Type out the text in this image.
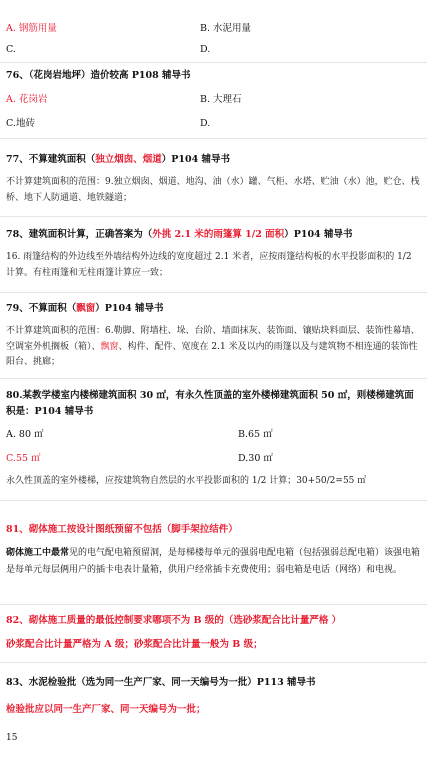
A. 钢筋用量	B. 水泥用量
C.	D.
76、（花岗岩地坪）造价较高 P108 辅导书
A. 花岗岩	B. 大理石
C.地砖	D.
77、不算建筑面积（独立烟囱、烟道）P104 辅导书
不计算建筑面积的范围：9.独立烟囱、烟道、地沟、油（水）罐、气柜、水塔、贮油（水）池，贮仓、栈桥、地下人防通道、地铁隧道；
78、建筑面积计算，正确答案为（外挑 2.1 米的雨篷算 1/2 面积）P104 辅导书
16. 雨篷结构的外边线至外墙结构外边线的宽度超过 2.1 米者，应按雨篷结构板的水平投影面积的 1/2 计算。有柱雨篷和无柱雨篷计算应一致；
79、不算面积（飘窗）P104 辅导书
不计算建筑面积的范围：6.勒脚、附墙柱、垛、台阶、墙面抹灰、装饰面、镶贴块料面层、装饰性幕墙、空调室外机搁板（箱）、飘窗、构件、配件、宽度在 2.1 米及以内的雨篷以及与建筑物不相连通的装饰性阳台、挑廊；
80.某教学楼室内楼梯建筑面积 30 ㎡，有永久性顶盖的室外楼梯建筑面积 50 ㎡，则楼梯建筑面积是：P104 辅导书
A. 80 ㎡	B.65 ㎡
C.55 ㎡	D.30 ㎡
永久性顶盖的室外楼梯，应按建筑物自然层的水平投影面积的 1/2 计算；30+50/2=55 ㎡
81、砌体施工按设计图纸预留不包括（脚手架拉结件）
砌体施工中最常见的电气配电箱预留洞，是每梯楼每单元的强弱电配电箱（包括强弱总配电箱）该强电箱是每单元每层俩用户的插卡电表计量箱，供用户经常插卡充费使用；弱电箱是电话（网络）和电视。
82、砌体施工质量的最低控制要求哪项不为 B 级的（选砂浆配合比计量严格 ）
砂浆配合比计量严格为 A 级；砂浆配合比计量一般为 B 级；
83、水泥检验批（选为同一生产厂家、同一天编号为一批）P113 辅导书
检验批应以同一生产厂家、同一天编号为一批；
15
